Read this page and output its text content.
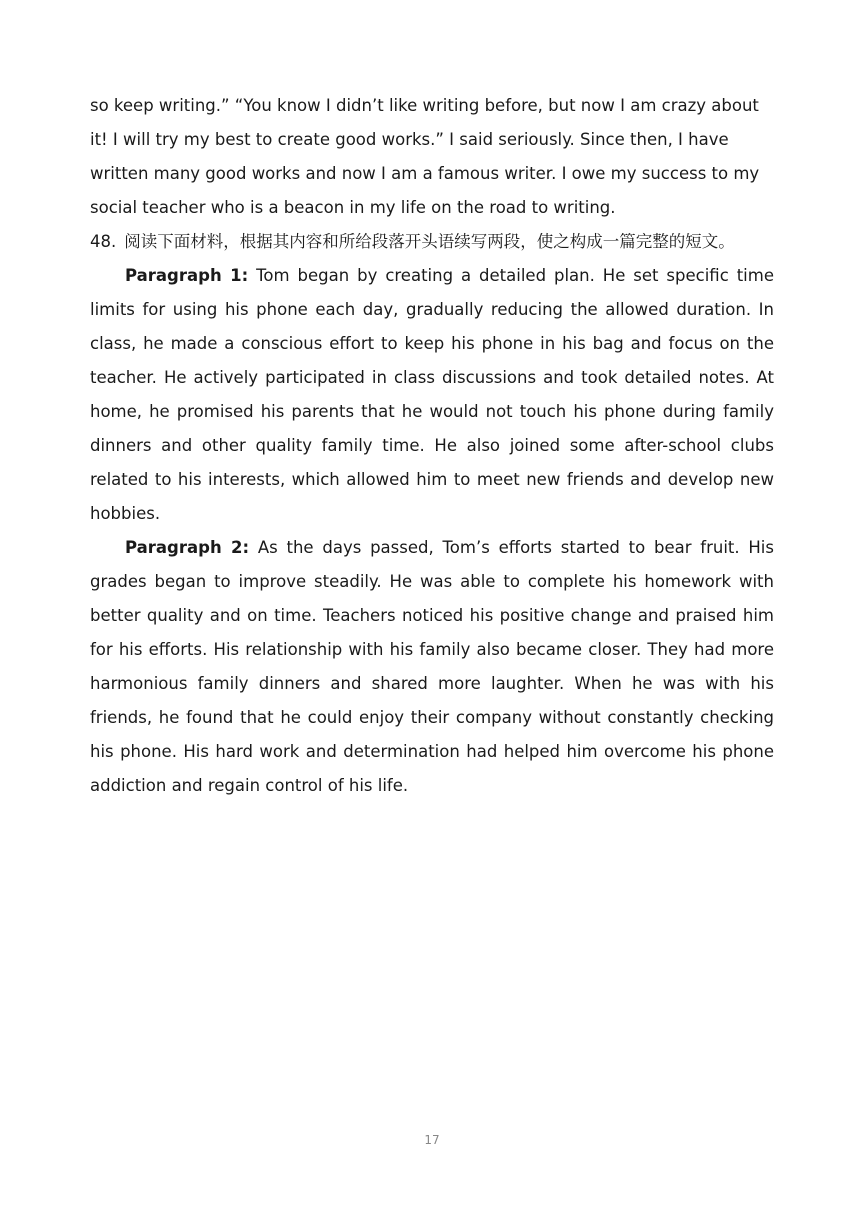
so keep writing.” “You know I didn’t like writing before, but now I am crazy about it! I will try my best to create good works.” I said seriously. Since then, I have written many good works and now I am a famous writer. I owe my success to my social teacher who is a beacon in my life on the road to writing.

48. 阅读下面材料，根据其内容和所给段落开头语续写两段，使之构成一篇完整的短文。

Paragraph 1: Tom began by creating a detailed plan. He set specific time limits for using his phone each day, gradually reducing the allowed duration. In class, he made a conscious effort to keep his phone in his bag and focus on the teacher. He actively participated in class discussions and took detailed notes. At home, he promised his parents that he would not touch his phone during family dinners and other quality family time. He also joined some after-school clubs related to his interests, which allowed him to meet new friends and develop new hobbies.

Paragraph 2: As the days passed, Tom’s efforts started to bear fruit. His grades began to improve steadily. He was able to complete his homework with better quality and on time. Teachers noticed his positive change and praised him for his efforts. His relationship with his family also became closer. They had more harmonious family dinners and shared more laughter. When he was with his friends, he found that he could enjoy their company without constantly checking his phone. His hard work and determination had helped him overcome his phone addiction and regain control of his life.

17
